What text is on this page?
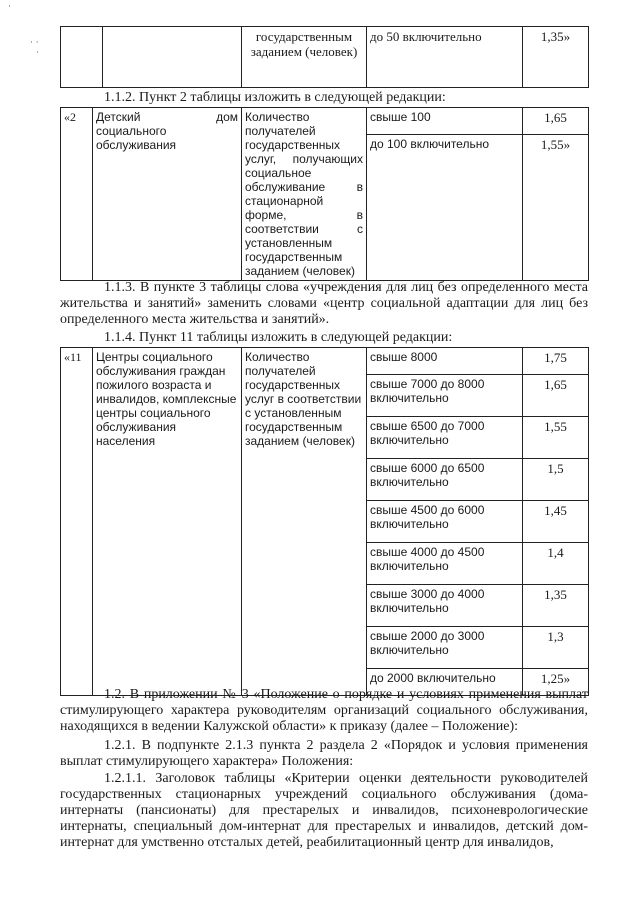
·
· ·
·
		государственным заданием (человек)	до 50 включительно	1,35»
1.1.2. Пункт 2 таблицы изложить в следующей редакции:
«2	Детский дом социального обслуживания	Количество получателей государственных услуг, получающих социальное обслуживание в стационарной форме, в соответствии с установленным государственным заданием (человек)	свыше 100	1,65
			до 100 включительно	1,55»
1.1.3. В пункте 3 таблицы слова «учреждения для лиц без определенного места
жительства и занятий» заменить словами «центр социальной адаптации для лиц без
определенного места жительства и занятий».
1.1.4. Пункт 11 таблицы изложить в следующей редакции:
«11	Центры социального обслуживания граждан пожилого возраста и инвалидов, комплексные центры социального обслуживания населения	Количество получателей государственных услуг в соответствии с установленным государственным заданием (человек)	свыше 8000	1,75
			свыше 7000 до 8000 включительно	1,65
			свыше 6500 до 7000 включительно	1,55
			свыше 6000 до 6500 включительно	1,5
			свыше 4500 до 6000 включительно	1,45
			свыше 4000 до 4500 включительно	1,4
			свыше 3000 до 4000 включительно	1,35
			свыше 2000 до 3000 включительно	1,3
			до 2000 включительно	1,25»
1.2. В приложении № 3 «Положение о порядке и условиях применения выплат
стимулирующего характера руководителям организаций социального обслуживания,
находящихся в ведении Калужской области» к приказу (далее – Положение):
1.2.1. В подпункте 2.1.3 пункта 2 раздела 2 «Порядок и условия применения
выплат стимулирующего характера» Положения:
1.2.1.1. Заголовок таблицы «Критерии оценки деятельности руководителей
государственных стационарных учреждений социального обслуживания (дома-
интернаты (пансионаты) для престарелых и инвалидов, психоневрологические
интернаты, специальный дом-интернат для престарелых и инвалидов, детский дом-
интернат для умственно отсталых детей, реабилитационный центр для инвалидов,
